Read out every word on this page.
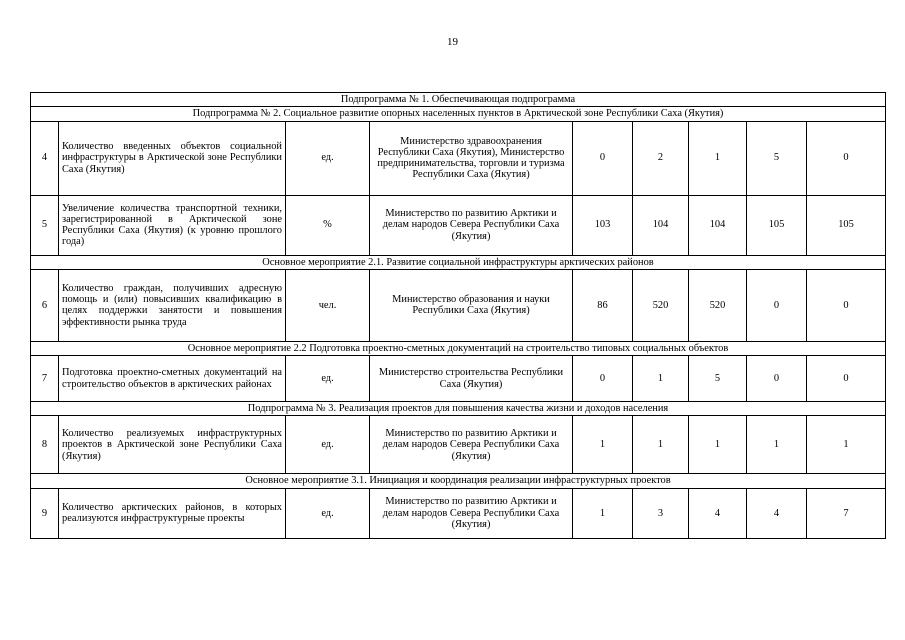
19
Подпрограмма № 1. Обеспечивающая подпрограмма								
Подпрограмма № 2. Социальное развитие опорных населенных пунктов в Арктической зоне Республики Саха (Якутия)								
4	Количество введенных объектов социальной инфраструктуры в Арктической зоне Республики Саха (Якутия)	ед.	Министерство здравоохранения Республики Саха (Якутия), Министерство предпринимательства, торговли и туризма Республики Саха (Якутия)	0	2	1	5	0
5	Увеличение количества транспортной техники, зарегистрированной в Арктической зоне Республики Саха (Якутия) (к уровню прошлого года)	%	Министерство по развитию Арктики и делам народов Севера Республики Саха (Якутия)	103	104	104	105	105
Основное мероприятие 2.1. Развитие социальной инфраструктуры арктических районов								
6	Количество граждан, получивших адресную помощь и (или) повысивших квалификацию в целях поддержки занятости и повышения эффективности рынка труда	чел.	Министерство образования и науки Республики Саха (Якутия)	86	520	520	0	0
Основное мероприятие 2.2 Подготовка проектно-сметных документаций на строительство типовых социальных объектов								
7	Подготовка проектно-сметных документаций на строительство объектов в арктических районах	ед.	Министерство строительства Республики Саха (Якутия)	0	1	5	0	0
Подпрограмма № 3. Реализация проектов для повышения качества жизни и доходов населения								
8	Количество реализуемых инфраструктурных проектов в Арктической зоне Республики Саха (Якутия)	ед.	Министерство по развитию Арктики и делам народов Севера Республики Саха (Якутия)	1	1	1	1	1
Основное мероприятие 3.1. Инициация и координация реализации инфраструктурных проектов								
9	Количество арктических районов, в которых реализуются инфраструктурные проекты	ед.	Министерство по развитию Арктики и делам народов Севера Республики Саха (Якутия)	1	3	4	4	7
